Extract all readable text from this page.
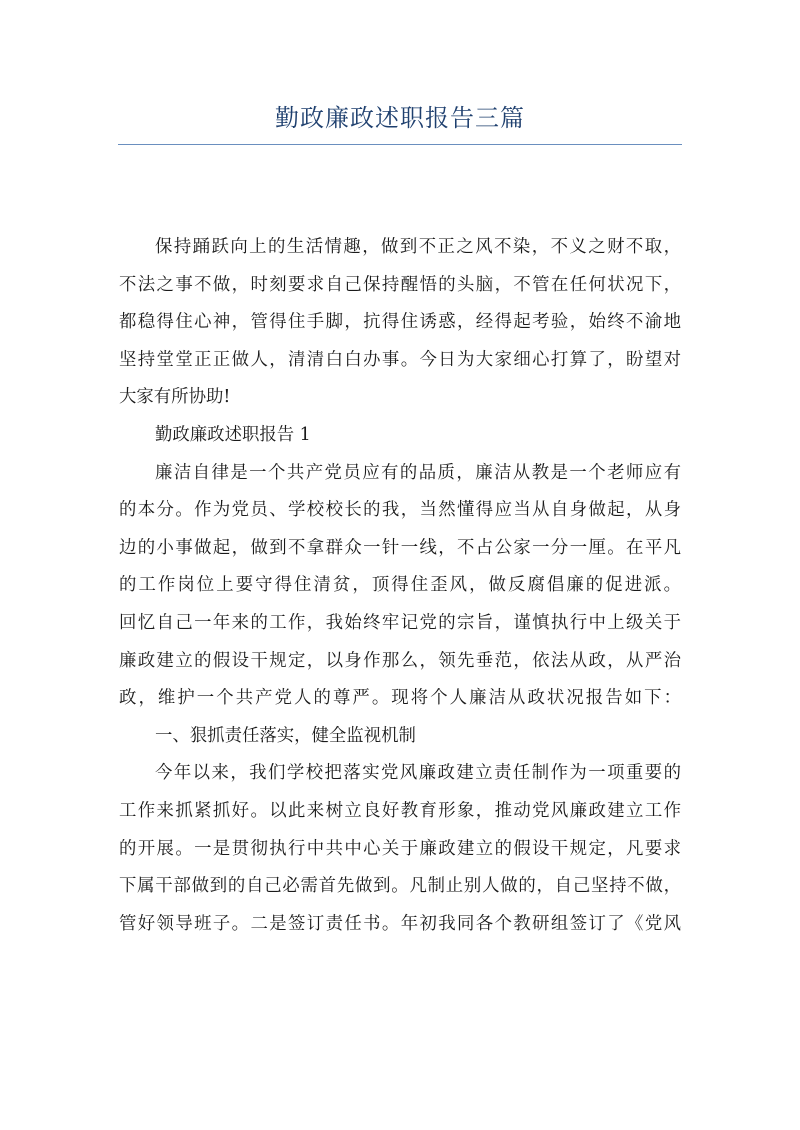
勤政廉政述职报告三篇
保持踊跃向上的生活情趣，做到不正之风不染，不义之财不取，
不法之事不做，时刻要求自己保持醒悟的头脑，不管在任何状况下，
都稳得住心神，管得住手脚，抗得住诱惑，经得起考验，始终不渝地
坚持堂堂正正做人，清清白白办事。今日为大家细心打算了，盼望对
大家有所协助!
勤政廉政述职报告 1
廉洁自律是一个共产党员应有的品质，廉洁从教是一个老师应有
的本分。作为党员、学校校长的我，当然懂得应当从自身做起，从身
边的小事做起，做到不拿群众一针一线，不占公家一分一厘。在平凡
的工作岗位上要守得住清贫，顶得住歪风，做反腐倡廉的促进派。
回忆自己一年来的工作，我始终牢记党的宗旨，谨慎执行中上级关于
廉政建立的假设干规定，以身作那么，领先垂范，依法从政，从严治
政，维护一个共产党人的尊严。现将个人廉洁从政状况报告如下：
一、狠抓责任落实，健全监视机制
今年以来，我们学校把落实党风廉政建立责任制作为一项重要的
工作来抓紧抓好。以此来树立良好教育形象，推动党风廉政建立工作
的开展。一是贯彻执行中共中心关于廉政建立的假设干规定，凡要求
下属干部做到的自己必需首先做到。凡制止别人做的，自己坚持不做，
管好领导班子。二是签订责任书。年初我同各个教研组签订了《党风
